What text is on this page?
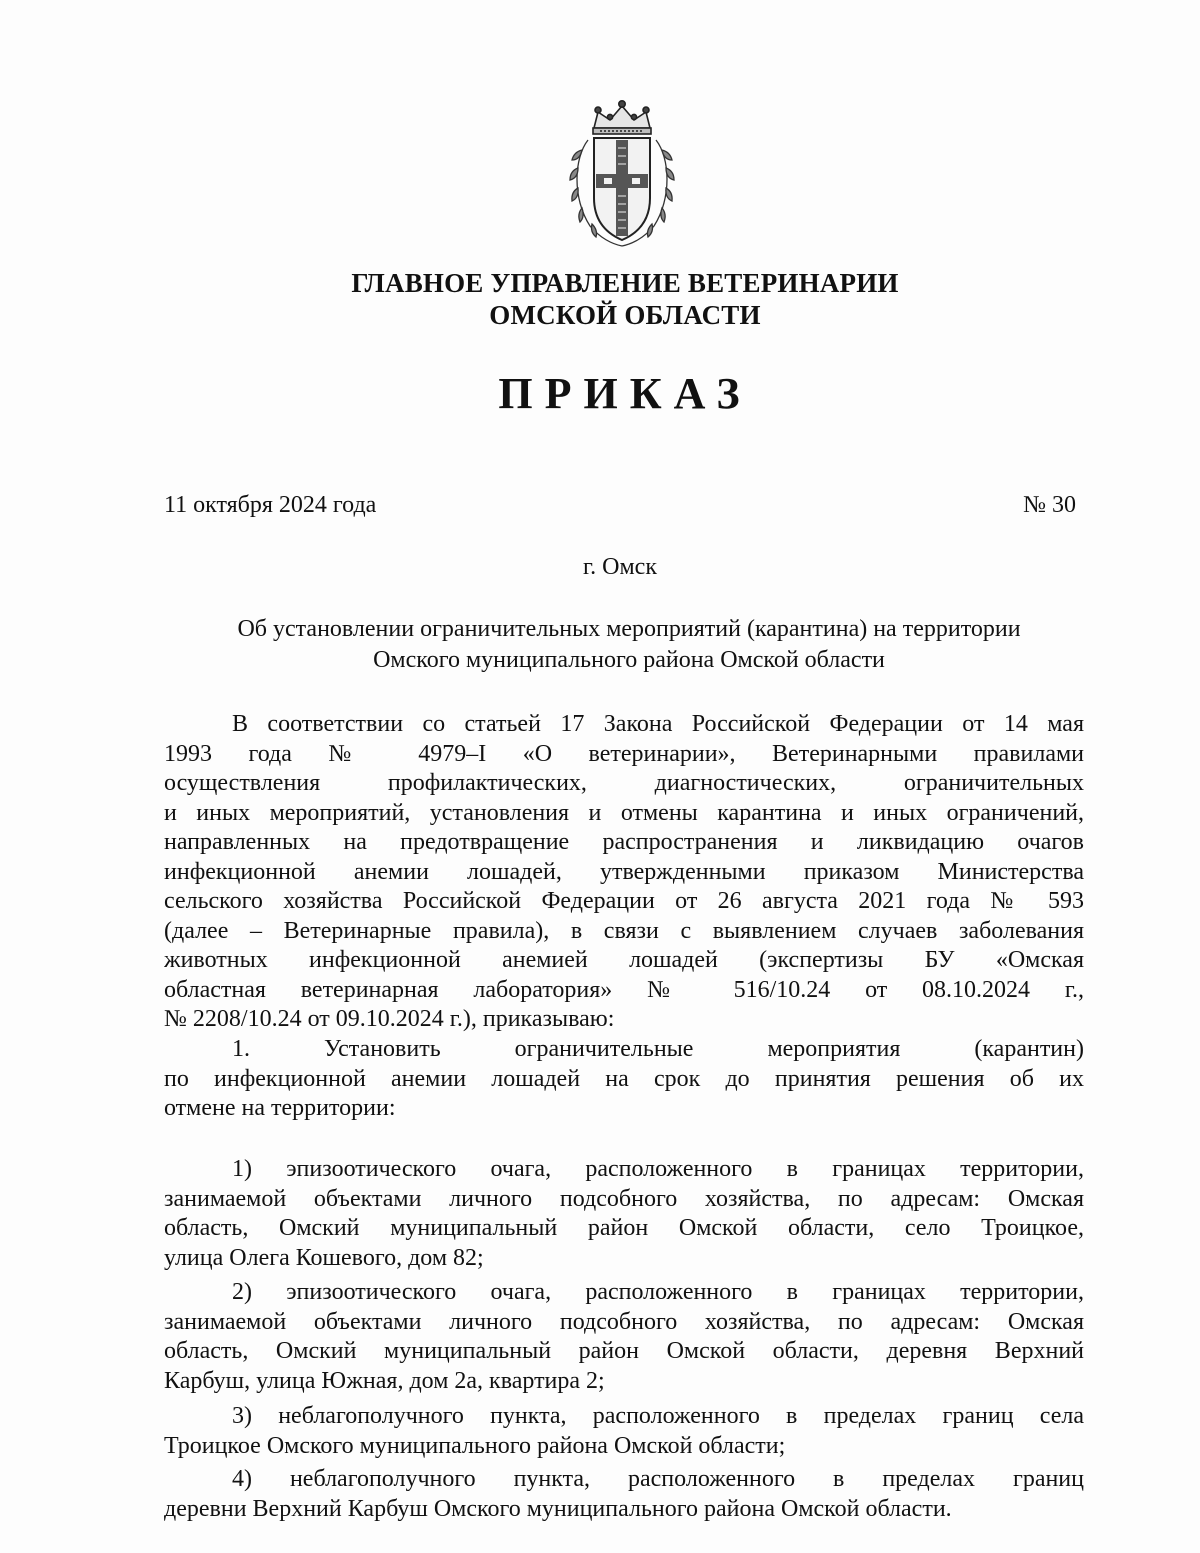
ГЛАВНОЕ УПРАВЛЕНИЕ ВЕТЕРИНАРИИ
ОМСКОЙ ОБЛАСТИ
ПРИКАЗ
11 октября 2024 года	№ 30
г. Омск
Об установлении ограничительных мероприятий (карантина) на территории
Омского муниципального района Омской области
В соответствии со статьей 17 Закона Российской Федерации от 14 мая
1993 года № 4979–I «О ветеринарии», Ветеринарными правилами
осуществления профилактических, диагностических, ограничительных
и иных мероприятий, установления и отмены карантина и иных ограничений,
направленных на предотвращение распространения и ликвидацию очагов
инфекционной анемии лошадей, утвержденными приказом Министерства
сельского хозяйства Российской Федерации от 26 августа 2021 года № 593
(далее – Ветеринарные правила), в связи с выявлением случаев заболевания
животных инфекционной анемией лошадей (экспертизы БУ «Омская
областная ветеринарная лаборатория» № 516/10.24 от 08.10.2024 г.,
№ 2208/10.24 от 09.10.2024 г.), приказываю:
1. Установить ограничительные мероприятия (карантин)
по инфекционной анемии лошадей на срок до принятия решения об их
отмене на территории:
1) эпизоотического очага, расположенного в границах территории,
занимаемой объектами личного подсобного хозяйства, по адресам: Омская
область, Омский муниципальный район Омской области, село Троицкое,
улица Олега Кошевого, дом 82;
2) эпизоотического очага, расположенного в границах территории,
занимаемой объектами личного подсобного хозяйства, по адресам: Омская
область, Омский муниципальный район Омской области, деревня Верхний
Карбуш, улица Южная, дом 2а, квартира 2;
3) неблагополучного пункта, расположенного в пределах границ села
Троицкое Омского муниципального района Омской области;
4) неблагополучного пункта, расположенного в пределах границ
деревни Верхний Карбуш Омского муниципального района Омской области.
